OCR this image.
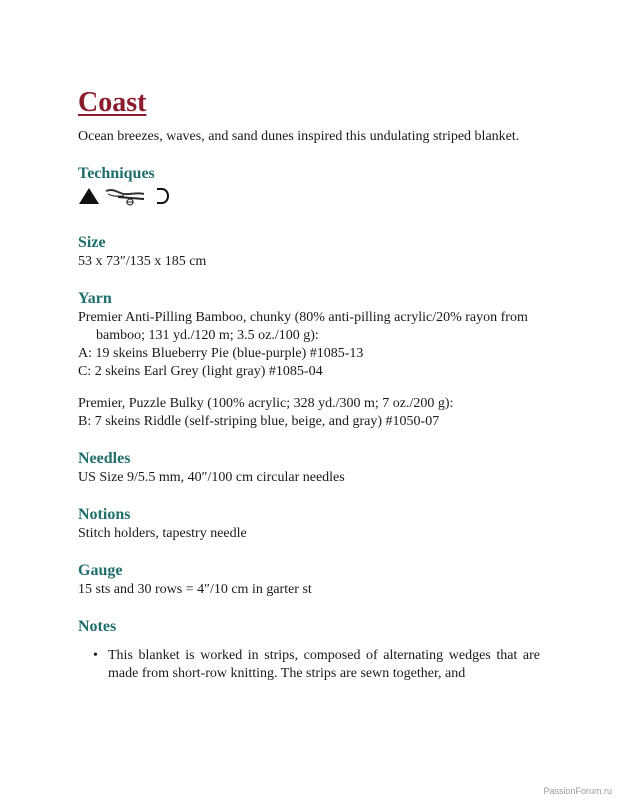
Coast

Ocean breezes, waves, and sand dunes inspired this undulating striped blanket.

Techniques
Size

53 x 73″/135 x 185 cm

Yarn

Premier Anti-Pilling Bamboo, chunky (80% anti-pilling acrylic/20% rayon from bamboo; 131 yd./120 m; 3.5 oz./100 g):

A: 19 skeins Blueberry Pie (blue-purple) #1085-13

C: 2 skeins Earl Grey (light gray) #1085-04

Premier, Puzzle Bulky (100% acrylic; 328 yd./300 m; 7 oz./200 g):

B: 7 skeins Riddle (self-striping blue, beige, and gray) #1050-07

Needles

US Size 9/5.5 mm, 40″/100 cm circular needles

Notions

Stitch holders, tapestry needle

Gauge

15 sts and 30 rows = 4″/10 cm in garter st

Notes
• This blanket is worked in strips, composed of alternating wedges that are made from short-row knitting. The strips are sewn together, and
PassionForum.ru
